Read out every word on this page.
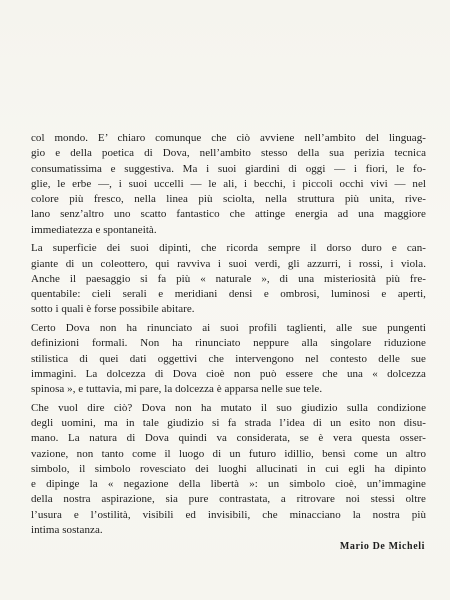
col mondo. E’ chiaro comunque che ciò avviene nell’ambito del linguag-
gio e della poetica di Dova, nell’ambito stesso della sua perizia tecnica
consumatissima e suggestiva. Ma i suoi giardini di oggi — i fiori, le fo-
glie, le erbe —, i suoi uccelli — le ali, i becchi, i piccoli occhi vivi — nel
colore più fresco, nella linea più sciolta, nella struttura più unita, rive-
lano senz’altro uno scatto fantastico che attinge energia ad una maggiore
immediatezza e spontaneità.
La superficie dei suoi dipinti, che ricorda sempre il dorso duro e can-
giante di un coleottero, qui ravviva i suoi verdi, gli azzurri, i rossi, i viola.
Anche il paesaggio si fa più « naturale », di una misteriosità più fre-
quentabile: cieli serali e meridiani densi e ombrosi, luminosi e aperti,
sotto i quali è forse possibile abitare.
Certo Dova non ha rinunciato ai suoi profili taglienti, alle sue pungenti
definizioni formali. Non ha rinunciato neppure alla singolare riduzione
stilistica di quei dati oggettivi che intervengono nel contesto delle sue
immagini. La dolcezza di Dova cioè non può essere che una « dolcezza
spinosa », e tuttavia, mi pare, la dolcezza è apparsa nelle sue tele.
Che vuol dire ciò? Dova non ha mutato il suo giudizio sulla condizione
degli uomini, ma in tale giudizio si fa strada l’idea di un esito non disu-
mano. La natura di Dova quindi va considerata, se è vera questa osser-
vazione, non tanto come il luogo di un futuro idillio, bensì come un altro
simbolo, il simbolo rovesciato dei luoghi allucinati in cui egli ha dipinto
e dipinge la « negazione della libertà »: un simbolo cioè, un’immagine
della nostra aspirazione, sia pure contrastata, a ritrovare noi stessi oltre
l’usura e l’ostilità, visibili ed invisibili, che minacciano la nostra più
intima sostanza.
Mario De Micheli
